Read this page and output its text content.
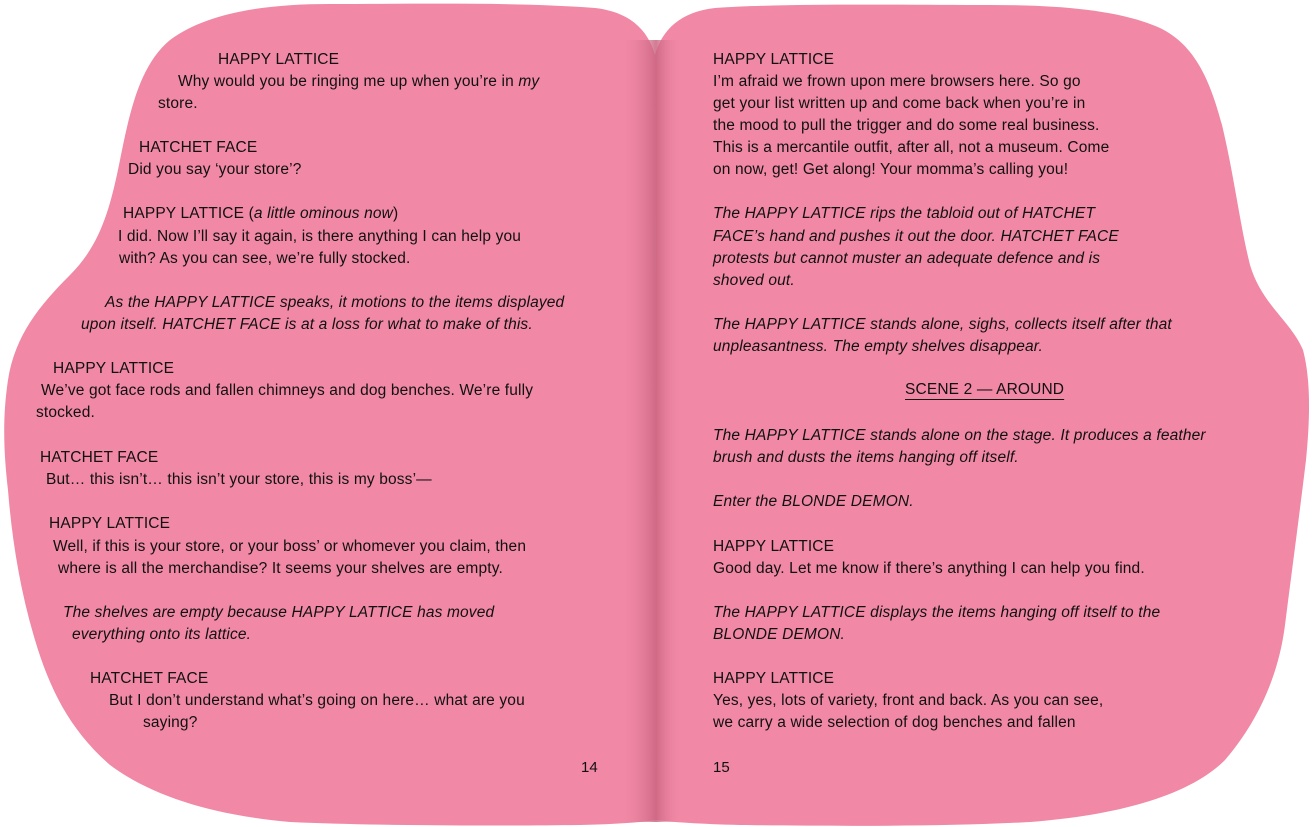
HAPPY LATTICE
Why would you be ringing me up when you’re in my
store.
HATCHET FACE
Did you say ‘your store’?
HAPPY LATTICE (a little ominous now)
I did. Now I’ll say it again, is there anything I can help you
with? As you can see, we’re fully stocked.
As the HAPPY LATTICE speaks, it motions to the items displayed
upon itself. HATCHET FACE is at a loss for what to make of this.
HAPPY LATTICE
We’ve got face rods and fallen chimneys and dog benches. We’re fully
stocked.
HATCHET FACE
But… this isn’t… this isn’t your store, this is my boss’—
HAPPY LATTICE
Well, if this is your store, or your boss’ or whomever you claim, then
where is all the merchandise? It seems your shelves are empty.
The shelves are empty because HAPPY LATTICE has moved
everything onto its lattice.
HATCHET FACE
But I don’t understand what’s going on here… what are you
saying?
14
HAPPY LATTICE
I’m afraid we frown upon mere browsers here. So go
get your list written up and come back when you’re in
the mood to pull the trigger and do some real business.
This is a mercantile outfit, after all, not a museum. Come
on now, get! Get along! Your momma’s calling you!
The HAPPY LATTICE rips the tabloid out of HATCHET
FACE’s hand and pushes it out the door. HATCHET FACE
protests but cannot muster an adequate defence and is
shoved out.
The HAPPY LATTICE stands alone, sighs, collects itself after that
unpleasantness. The empty shelves disappear.
SCENE 2 — AROUND
The HAPPY LATTICE stands alone on the stage. It produces a feather
brush and dusts the items hanging off itself.
Enter the BLONDE DEMON.
HAPPY LATTICE
Good day. Let me know if there’s anything I can help you find.
The HAPPY LATTICE displays the items hanging off itself to the
BLONDE DEMON.
HAPPY LATTICE
Yes, yes, lots of variety, front and back. As you can see,
we carry a wide selection of dog benches and fallen
15
